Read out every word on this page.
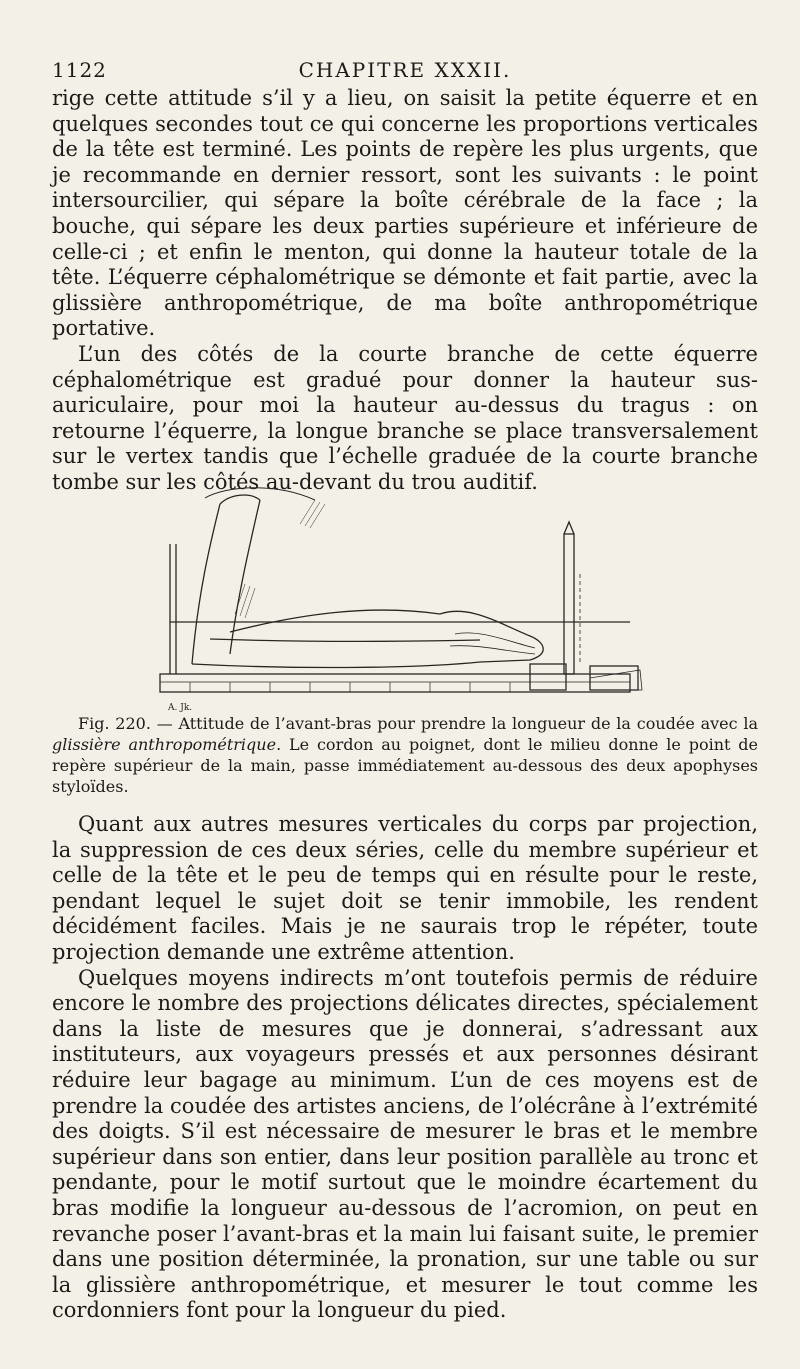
1122	CHAPITRE XXXII.

rige cette attitude s’il y a lieu, on saisit la petite équerre et en quelques secondes tout ce qui concerne les proportions verticales de la tête est terminé. Les points de repère les plus urgents, que je recommande en dernier ressort, sont les suivants : le point intersourcilier, qui sépare la boîte cérébrale de la face ; la bouche, qui sépare les deux parties supérieure et inférieure de celle-ci ; et enfin le menton, qui donne la hauteur totale de la tête. L’équerre céphalométrique se démonte et fait partie, avec la glissière anthropométrique, de ma boîte anthropométrique portative.

L’un des côtés de la courte branche de cette équerre céphalométrique est gradué pour donner la hauteur sus-auriculaire, pour moi la hauteur au-dessus du tragus : on retourne l’équerre, la longue branche se place transversalement sur le vertex tandis que l’échelle graduée de la courte branche tombe sur les côtés au-devant du trou auditif.

A. Jk.

Fig. 220. — Attitude de l’avant-bras pour prendre la longueur de la coudée avec la glissière anthropométrique. Le cordon au poignet, dont le milieu donne le point de repère supérieur de la main, passe immédiatement au-dessous des deux apophyses styloïdes.

Quant aux autres mesures verticales du corps par projection, la suppression de ces deux séries, celle du membre supérieur et celle de la tête et le peu de temps qui en résulte pour le reste, pendant lequel le sujet doit se tenir immobile, les rendent décidément faciles. Mais je ne saurais trop le répéter, toute projection demande une extrême attention.

Quelques moyens indirects m’ont toutefois permis de réduire encore le nombre des projections délicates directes, spécialement dans la liste de mesures que je donnerai, s’adressant aux instituteurs, aux voyageurs pressés et aux personnes désirant réduire leur bagage au minimum. L’un de ces moyens est de prendre la coudée des artistes anciens, de l’olécrâne à l’extrémité des doigts. S’il est nécessaire de mesurer le bras et le membre supérieur dans son entier, dans leur position parallèle au tronc et pendante, pour le motif surtout que le moindre écartement du bras modifie la longueur au-dessous de l’acromion, on peut en revanche poser l’avant-bras et la main lui faisant suite, le premier dans une position déterminée, la pronation, sur une table ou sur la glissière anthropométrique, et mesurer le tout comme les cordonniers font pour la longueur du pied.
